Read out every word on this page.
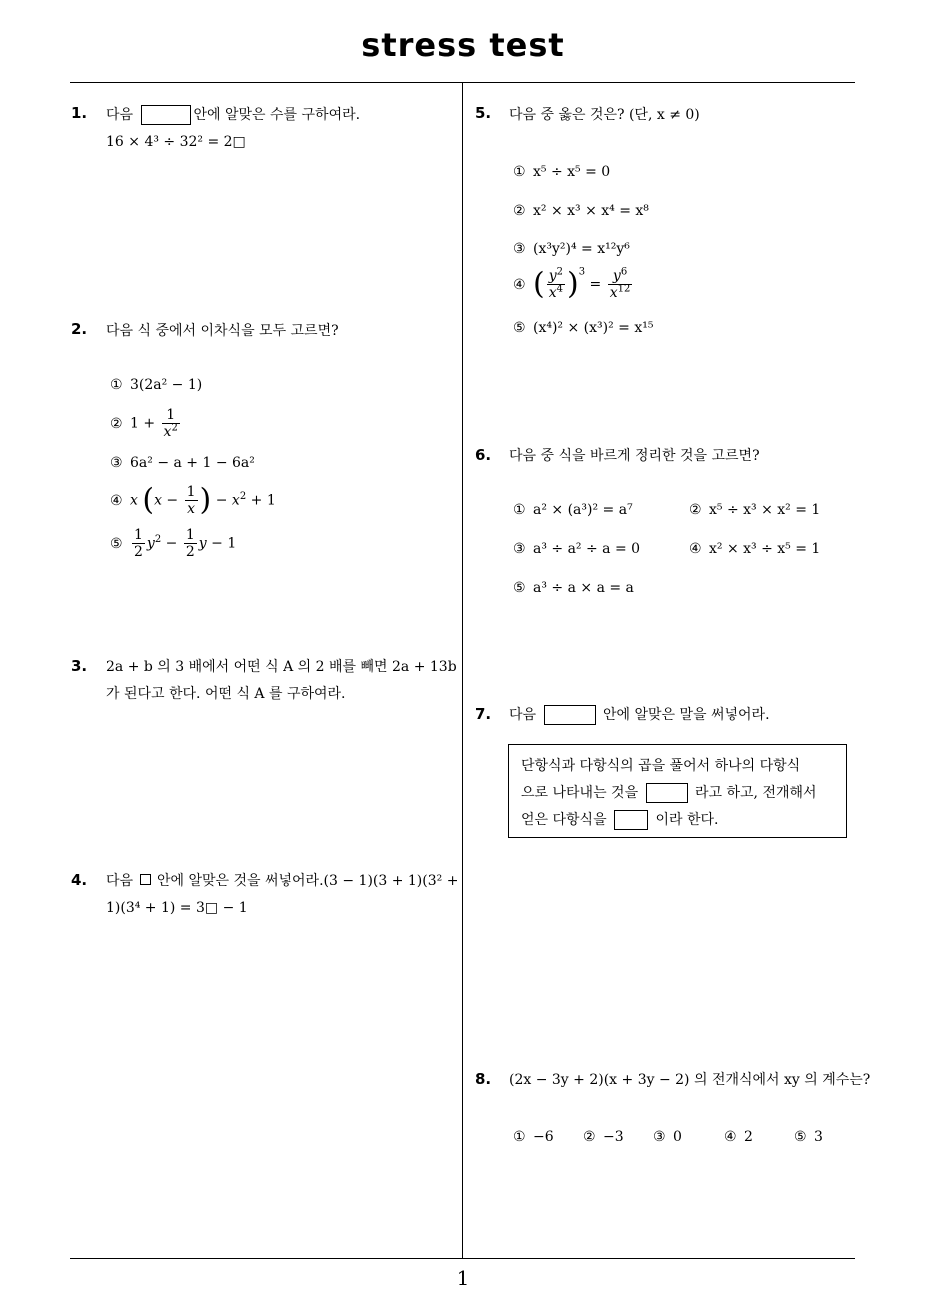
stress test
1
1. 다음	안에 알맞은 수를 구하여라.
16 × 4³ ÷ 32² = 2□
2. 다음 식 중에서 이차식을 모두 고르면?
① 3(2a² − 1)
② $1 + \frac{1}{x^2}$
③ 6a² − a + 1 − 6a²
④ x ($x - \frac{1}{x}$ ) − $x^2 + 1$
⑤ $\frac{1}{2} y^2 - \frac{1}{2}$ y − 1
3. 2a + b 의 3 배에서 어떤 식 A 의 2 배를 빼면 2a + 13b
가 된다고 한다. 어떤 식 A 를 구하여라.
4. 다음 안에 알맞은 것을 써넣어라.(3 − 1)(3 + 1)(3² +
1)(3⁴ + 1) = 3□ − 1
5. 다음 중 옳은 것은? (단, x ≠ 0)
① x⁵ ÷ x⁵ = 0
② x² × x³ × x⁴ = x⁸
③ (x³y²)⁴ = x¹²y⁶
④ ( $\frac{y^2}{x^4} )^3 = \frac{y^6}{x^{12}}$
⑤ (x⁴)² × (x³)² = x¹⁵
6. 다음 중 식을 바르게 정리한 것을 고르면?
① a² × (a³)² = a⁷	② x⁵ ÷ x³ × x² = 1
③ a³ ÷ a² ÷ a = 0	④ x² × x³ ÷ x⁵ = 1
⑤ a³ ÷ a × a = a
7. 다음	안에 알맞은 말을 써넣어라.
단항식과 다항식의 곱을 풀어서 하나의 다항식
으로 나타내는 것을	라고 하고, 전개해서
얻은 다항식을	이라 한다.
8. (2x − 3y + 2)(x + 3y − 2) 의 전개식에서 xy 의 계수는?
① −6 ② −3 ③ 0	④ 2	⑤ 3
